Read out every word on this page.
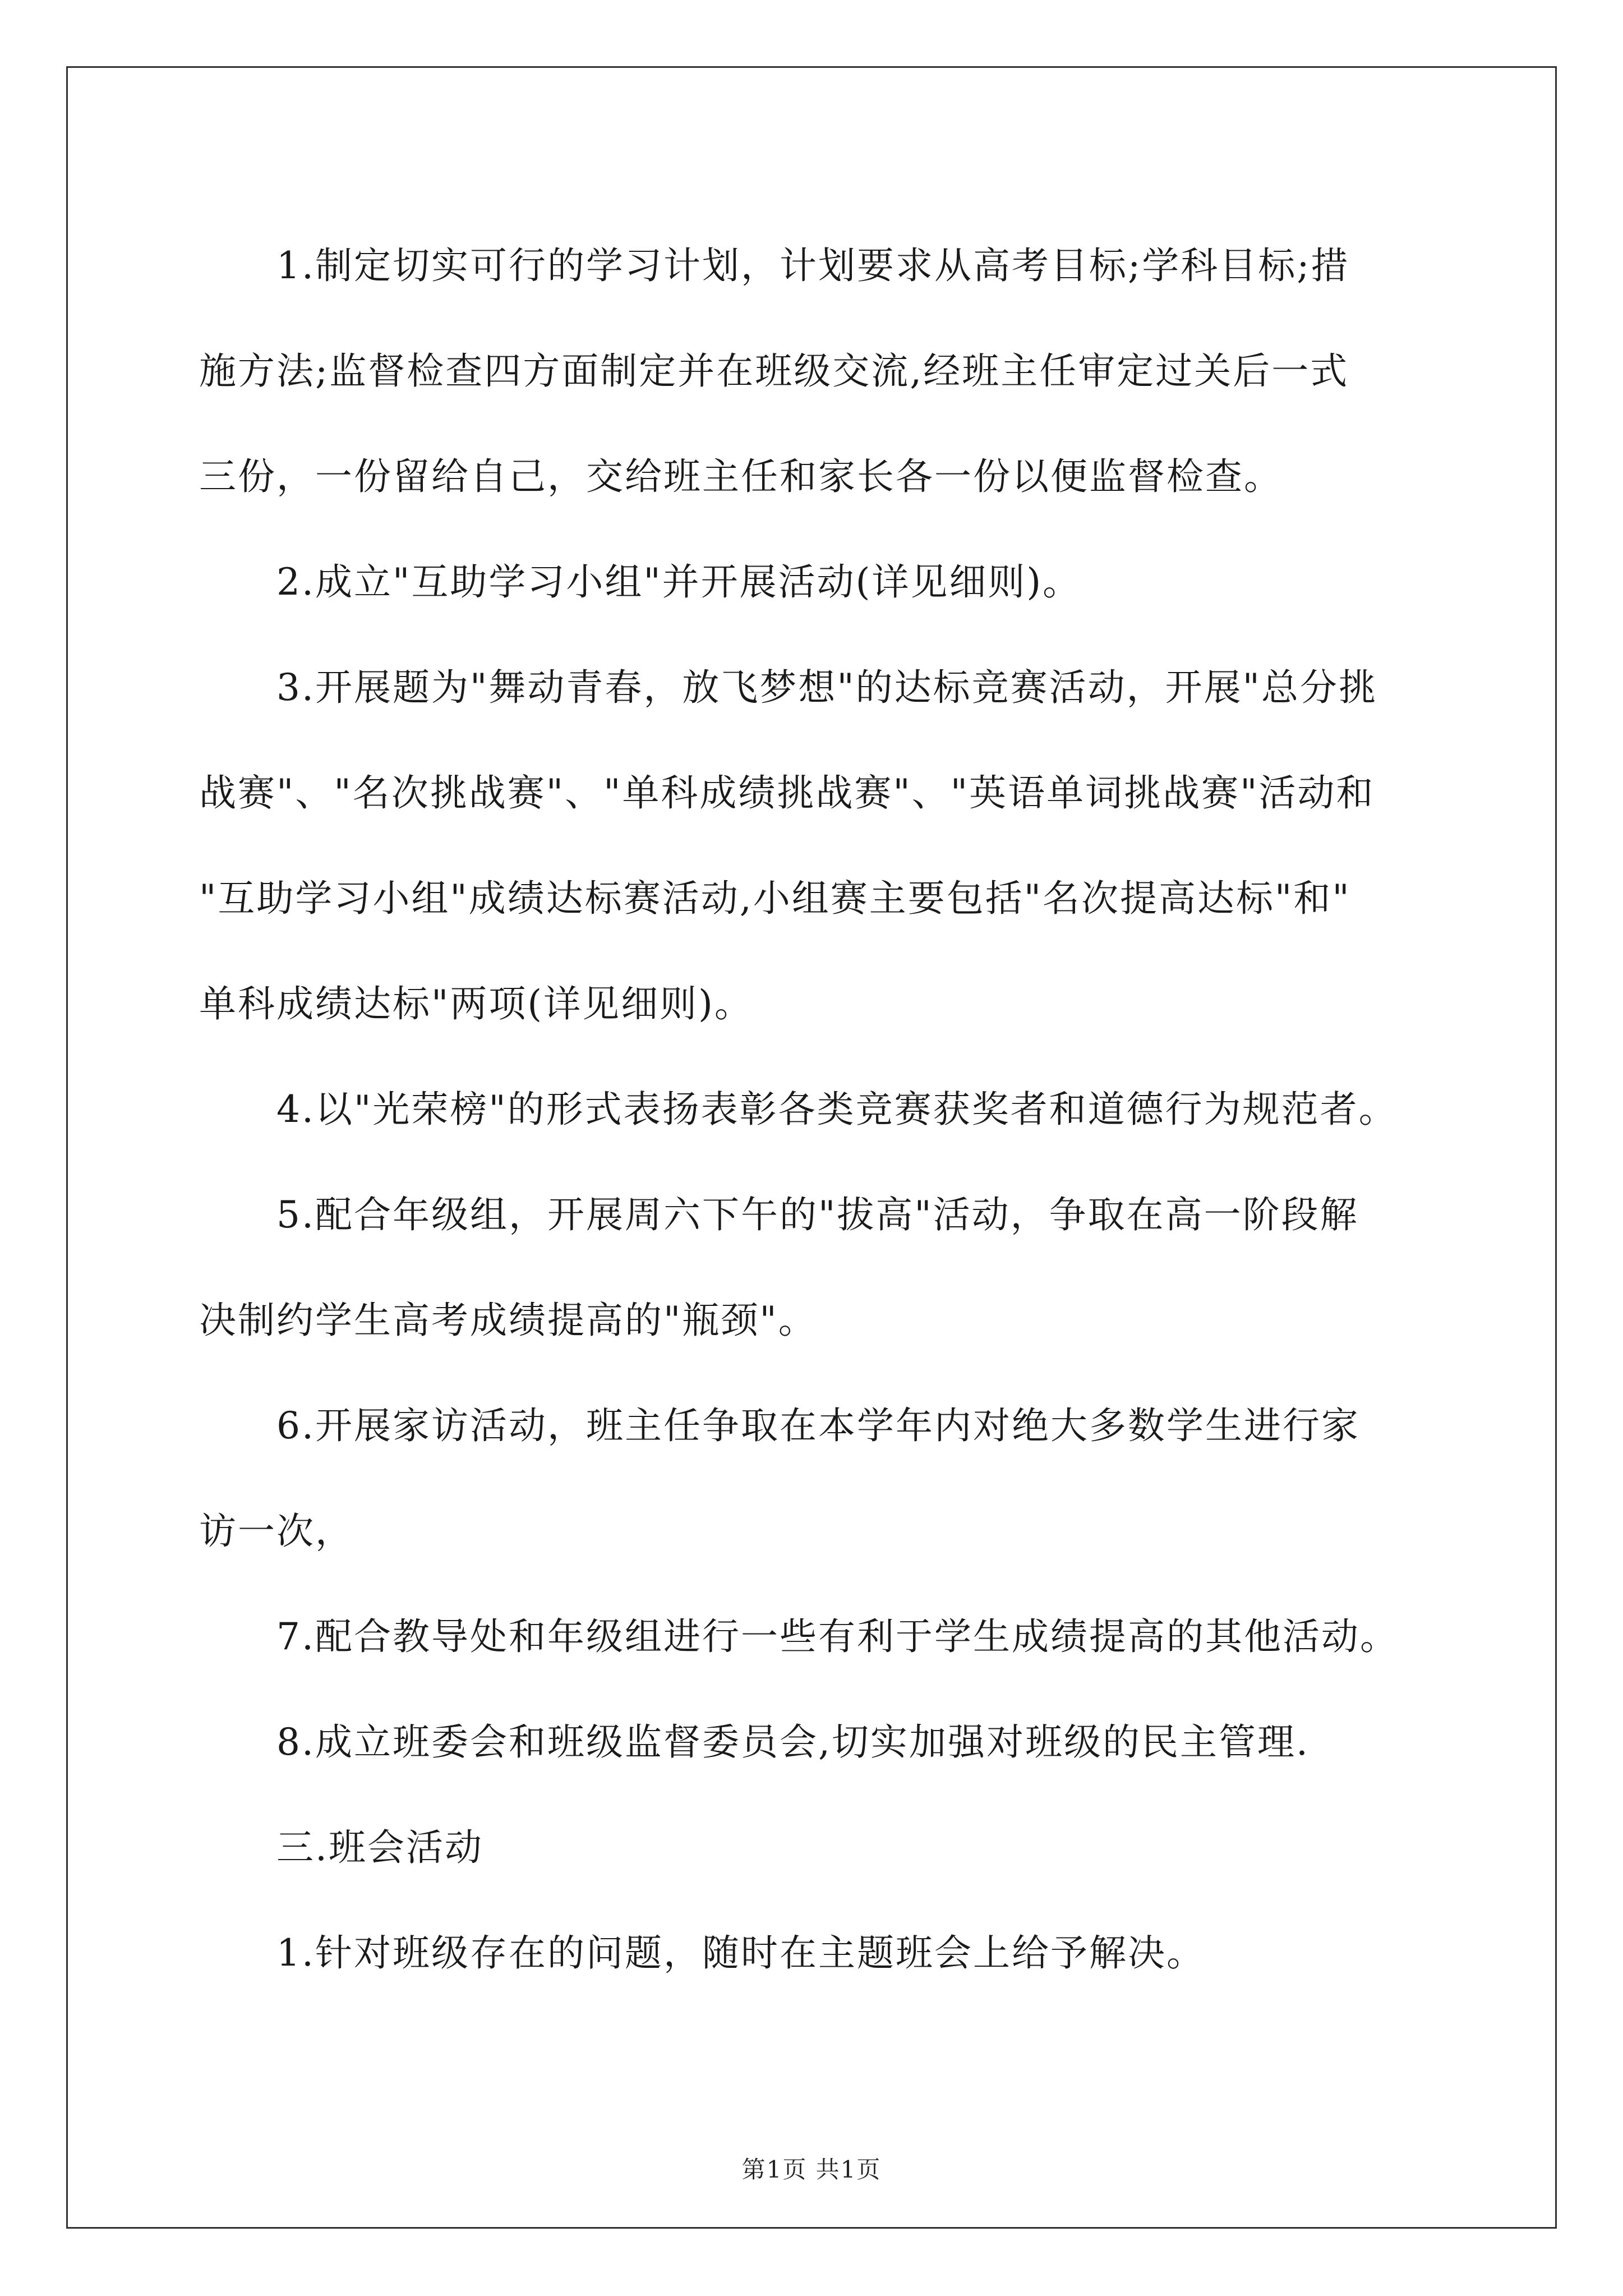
1.制定切实可行的学习计划，计划要求从高考目标;学科目标;措
施方法;监督检查四方面制定并在班级交流,经班主任审定过关后一式
三份，一份留给自己，交给班主任和家长各一份以便监督检查。

2.成立"互助学习小组"并开展活动(详见细则)。

3.开展题为"舞动青春，放飞梦想"的达标竞赛活动，开展"总分挑
战赛"、"名次挑战赛"、"单科成绩挑战赛"、"英语单词挑战赛"活动和
"互助学习小组"成绩达标赛活动,小组赛主要包括"名次提高达标"和"
单科成绩达标"两项(详见细则)。

4.以"光荣榜"的形式表扬表彰各类竞赛获奖者和道德行为规范者。

5.配合年级组，开展周六下午的"拔高"活动，争取在高一阶段解
决制约学生高考成绩提高的"瓶颈"。

6.开展家访活动，班主任争取在本学年内对绝大多数学生进行家
访一次，

7.配合教导处和年级组进行一些有利于学生成绩提高的其他活动。

8.成立班委会和班级监督委员会,切实加强对班级的民主管理.

三.班会活动

1.针对班级存在的问题，随时在主题班会上给予解决。

第1页 共1页
